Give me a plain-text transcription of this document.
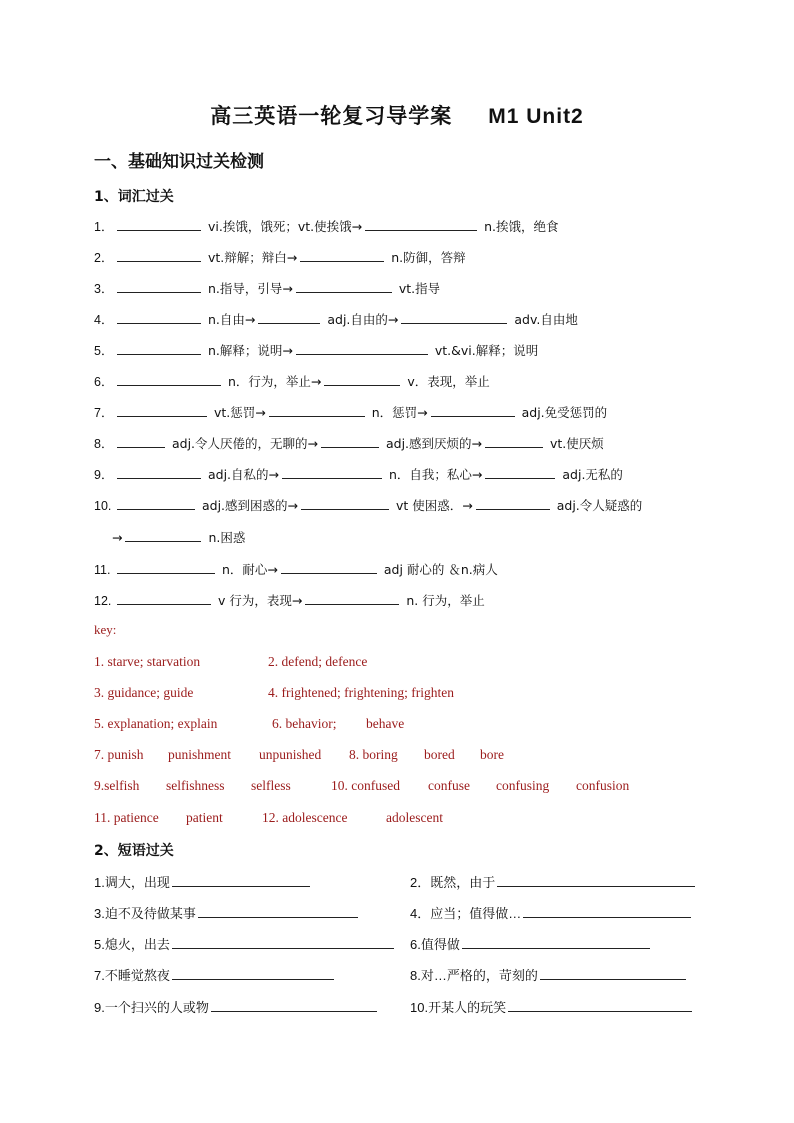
高三英语一轮复习导学案 M1 Unit2
一、基础知识过关检测
1、词汇过关
1．	vi.挨饿，饿死；vt.使挨饿→	n.挨饿，绝食
2．	vt.辩解；辩白→	n.防御，答辩
3．	n.指导，引导→	vt.指导
4．	n.自由→	adj.自由的→	adv.自由地
5．	n.解释；说明→	vt.&vi.解释；说明
6．	n．行为，举止→	v．表现，举止
7．	vt.惩罚→	n．惩罚→	adj.免受惩罚的
8．	adj.令人厌倦的，无聊的→	adj.感到厌烦的→	vt.使厌烦
9．	adj.自私的→	n．自我；私心→	adj.无私的
10.	adj.感到困惑的→	vt 使困惑．→	adj.令人疑惑的
→	n.困惑
11.	n．耐心→	adj 耐心的 ＆n.病人
12.	v 行为，表现→	n. 行为，举止
key:
1. starve; starvation	2. defend; defence
3. guidance; guide	4. frightened; frightening; frighten
5. explanation; explain	6. behavior; behave
7. punish punishment unpunished 8. boring bored bore
9.selfish selfishness selfless	10. confused confuse confusing confusion
11. patience patient	12. adolescence	adolescent
2、短语过关
1.调大，出现	2．既然，由于
3.迫不及待做某事	4．应当；值得做…
5.熄火，出去	6.值得做
7.不睡觉熬夜	8.对…严格的，苛刻的
9.一个扫兴的人或物	10.开某人的玩笑
